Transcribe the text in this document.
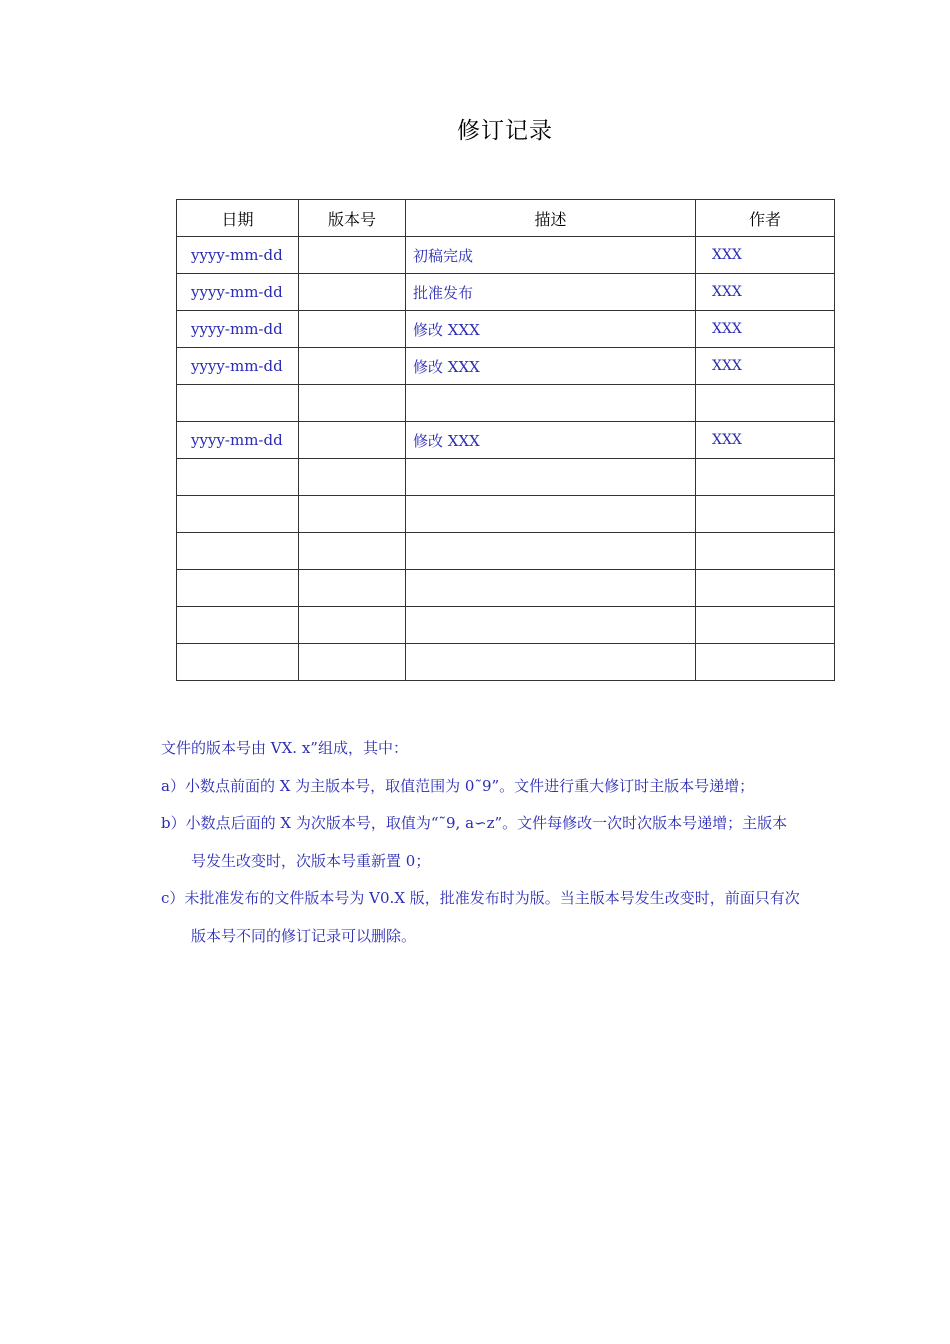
修订记录
日期	版本号	描述	作者
yyyy-mm-dd		初稿完成	XXX
yyyy-mm-dd		批准发布	XXX
yyyy-mm-dd		修改 XXX	XXX
yyyy-mm-dd		修改 XXX	XXX

yyyy-mm-dd		修改 XXX	XXX

文件的版本号由 VX. x”组成，其中：

a）小数点前面的 X 为主版本号，取值范围为 0˜9”。文件进行重大修订时主版本号递增；

b）小数点后面的 X 为次版本号，取值为“˜9, a∽z”。文件每修改一次时次版本号递增；主版本

号发生改变时，次版本号重新置 0；

c）未批准发布的文件版本号为 V0.X 版，批准发布时为版。当主版本号发生改变时，前面只有次

版本号不同的修订记录可以删除。
